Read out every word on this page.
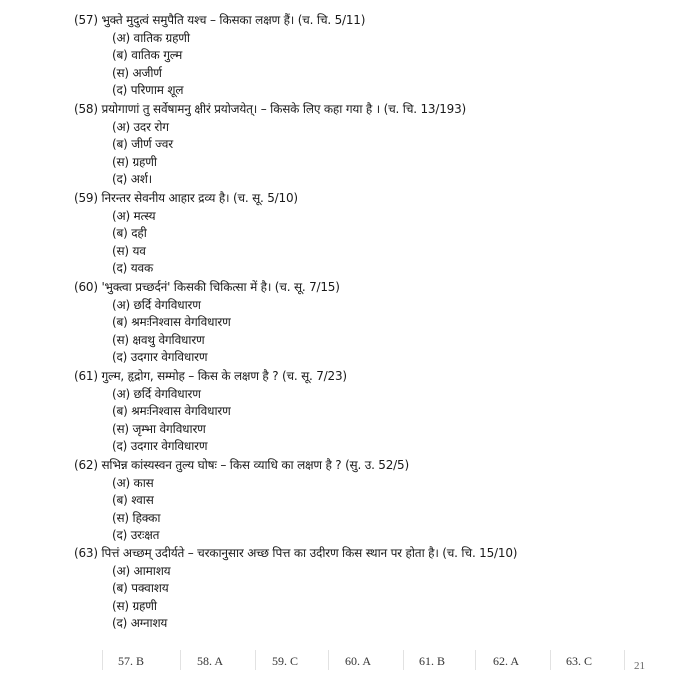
(57) भुक्ते मुदुत्वं समुपैति यश्च – किसका लक्षण हैं। (च. चि. 5/11)
(अ) वातिक ग्रहणी
(ब) वातिक गुल्म
(स) अजीर्ण
(द) परिणाम शूल
(58) प्रयोगाणां तु सर्वेषामनु क्षीरं प्रयोजयेत्। – किसके लिए कहा गया है । (च. चि. 13/193)
(अ) उदर रोग
(ब) जीर्ण ज्वर
(स) ग्रहणी
(द) अर्श।
(59) निरन्तर सेवनीय आहार द्रव्य है। (च. सू. 5/10)
(अ) मत्स्य
(ब) दही
(स) यव
(द) यवक
(60) 'भुक्त्वा प्रच्छर्दनं' किसकी चिकित्सा में है। (च. सू. 7/15)
(अ) छर्दि वेगविधारण
(ब) श्रमःनिश्वास वेगविधारण
(स) क्षवथु वेगविधारण
(द) उदगार वेगविधारण
(61) गुल्म, हृद्रोग, सम्मोह – किस के लक्षण है ? (च. सू. 7/23)
(अ) छर्दि वेगविधारण
(ब) श्रमःनिश्वास वेगविधारण
(स) जृम्भा वेगविधारण
(द) उदगार वेगविधारण
(62) सभिन्न कांस्यस्वन तुल्य घोषः – किस व्याधि का लक्षण है ? (सु. उ. 52/5)
(अ) कास
(ब) श्वास
(स) हिक्का
(द) उरःक्षत
(63) पित्तं अच्छम् उदीर्यते – चरकानुसार अच्छ पित्त का उदीरण किस स्थान पर होता है। (च. चि. 15/10)
(अ) आमाशय
(ब) पक्वाशय
(स) ग्रहणी
(द) अग्नाशय
57. B	58. A	59. C	60. A	61. B	62. A	63. C	21
